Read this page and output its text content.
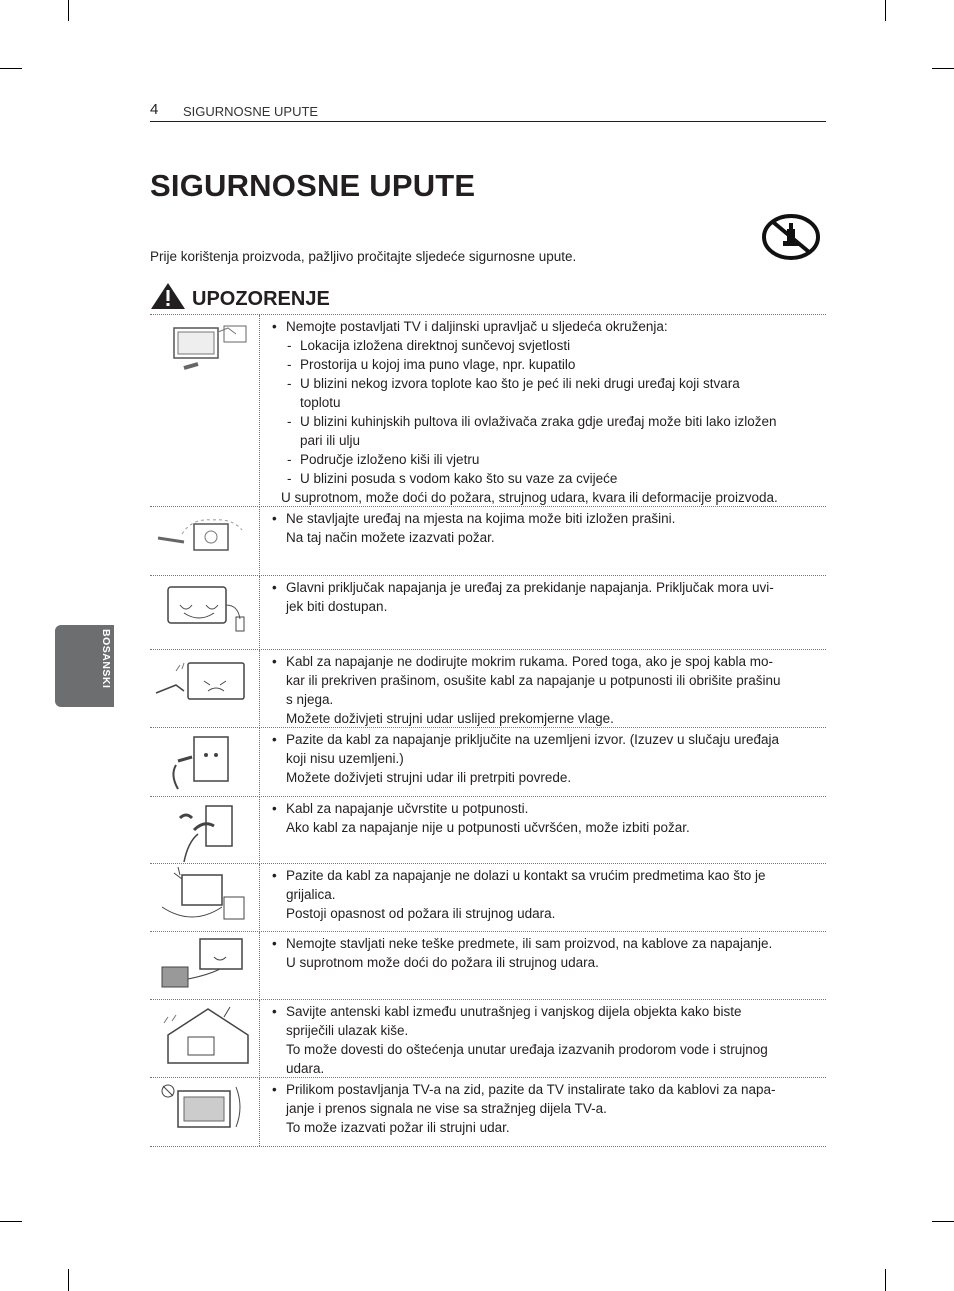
4 SIGURNOSNE UPUTE
SIGURNOSNE UPUTE
Prije korištenja proizvoda, pažljivo pročitajte sljedeće sigurnosne upute.
UPOZORENJE
• Nemojte postavljati TV i daljinski upravljač u sljedeća okruženja:
- Lokacija izložena direktnoj sunčevoj svjetlosti
- Prostorija u kojoj ima puno vlage, npr. kupatilo
- U blizini nekog izvora toplote kao što je peć ili neki drugi uređaj koji stvara
toplotu
- U blizini kuhinjskih pultova ili ovlaživača zraka gdje uređaj može biti lako izložen
pari ili ulju
- Područje izloženo kiši ili vjetru
- U blizini posuda s vodom kako što su vaze za cvijeće
U suprotnom, može doći do požara, strujnog udara, kvara ili deformacije proizvoda.
• Ne stavljajte uređaj na mjesta na kojima može biti izložen prašini.
Na taj način možete izazvati požar.
• Glavni priključak napajanja je uređaj za prekidanje napajanja. Priključak mora uvi-
jek biti dostupan.
• Kabl za napajanje ne dodirujte mokrim rukama. Pored toga, ako je spoj kabla mo-
kar ili prekriven prašinom, osušite kabl za napajanje u potpunosti ili obrišite prašinu
s njega.
Možete doživjeti strujni udar uslijed prekomjerne vlage.
• Pazite da kabl za napajanje priključite na uzemljeni izvor. (Izuzev u slučaju uređaja
koji nisu uzemljeni.)
Možete doživjeti strujni udar ili pretrpiti povrede.
• Kabl za napajanje učvrstite u potpunosti.
Ako kabl za napajanje nije u potpunosti učvršćen, može izbiti požar.
• Pazite da kabl za napajanje ne dolazi u kontakt sa vrućim predmetima kao što je
grijalica.
Postoji opasnost od požara ili strujnog udara.
• Nemojte stavljati neke teške predmete, ili sam proizvod, na kablove za napajanje.
U suprotnom može doći do požara ili strujnog udara.
• Savijte antenski kabl između unutrašnjeg i vanjskog dijela objekta kako biste
spriječili ulazak kiše.
To može dovesti do oštećenja unutar uređaja izazvanih prodorom vode i strujnog
udara.
• Prilikom postavljanja TV-a na zid, pazite da TV instalirate tako da kablovi za napa-
janje i prenos signala ne vise sa stražnjeg dijela TV-a.
To može izazvati požar ili strujni udar.
BOSANSKI
